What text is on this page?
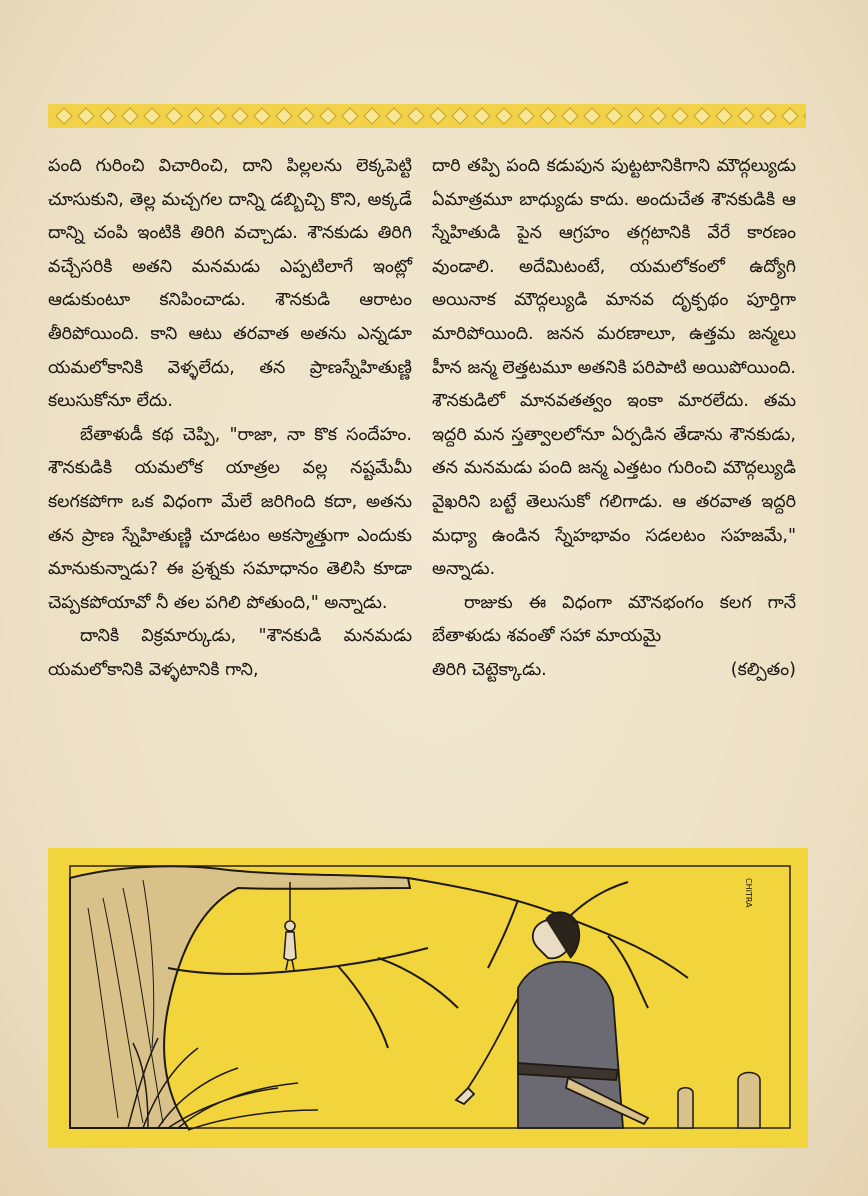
పంది గురించి విచారించి, దాని పిల్లలను లెక్కపెట్టి చూసుకుని, తెల్ల మచ్చగల దాన్ని డబ్బిచ్చి కొని, అక్కడే దాన్ని చంపి ఇంటికి తిరిగి వచ్చాడు. శౌనకుడు తిరిగి వచ్చేసరికి అతని మనమడు ఎప్పటిలాగే ఇంట్లో ఆడుకుంటూ కనిపించాడు. శౌనకుడి ఆరాటం తీరిపోయింది. కాని ఆటు తరవాత అతను ఎన్నడూ యమలోకానికి వెళ్ళలేదు, తన ప్రాణస్నేహితుణ్ణి కలుసుకోనూ లేదు.

బేతాళుడీ కథ చెప్పి, "రాజా, నా కొక సందేహం. శౌనకుడికి యమలోక యాత్రల వల్ల నష్టమేమీ కలగకపోగా ఒక విధంగా మేలే జరిగింది కదా, అతను తన ప్రాణ స్నేహితుణ్ణి చూడటం అకస్మాత్తుగా ఎందుకు మానుకున్నాడు? ఈ ప్రశ్నకు సమాధానం తెలిసి కూడా చెప్పకపోయావో నీ తల పగిలి పోతుంది," అన్నాడు.

దానికి విక్రమార్కుడు, "శౌనకుడి మనమడు యమలోకానికి వెళ్ళటానికి గాని,

దారి తప్పి పంది కడుపున పుట్టటానికిగాని మౌద్గల్యుడు ఏమాత్రమూ బాధ్యుడు కాదు. అందుచేత శౌనకుడికి ఆ స్నేహితుడి పైన ఆగ్రహం తగ్గటానికి వేరే కారణం వుండాలి. అదేమిటంటే, యమలోకంలో ఉద్యోగి అయినాక మౌద్గల్యుడి మానవ దృక్పథం పూర్తిగా మారిపోయింది. జనన మరణాలూ, ఉత్తమ జన్మలు హీన జన్మ లెత్తటమూ అతనికి పరిపాటి అయిపోయింది. శౌనకుడిలో మానవతత్వం ఇంకా మారలేదు. తమ ఇద్దరి మన స్తత్వాలలోనూ ఏర్పడిన తేడాను శౌనకుడు, తన మనమడు పంది జన్మ ఎత్తటం గురించి మౌద్గల్యుడి వైఖరిని బట్టే తెలుసుకో గలిగాడు. ఆ తరవాత ఇద్దరి మధ్యా ఉండిన స్నేహభావం సడలటం సహజమే," అన్నాడు.

రాజుకు ఈ విధంగా మౌనభంగం కలగ గానే బేతాళుడు శవంతో సహా మాయమై

తిరిగి చెట్టెక్కాడు.	(కల్పితం)

CHITRA
